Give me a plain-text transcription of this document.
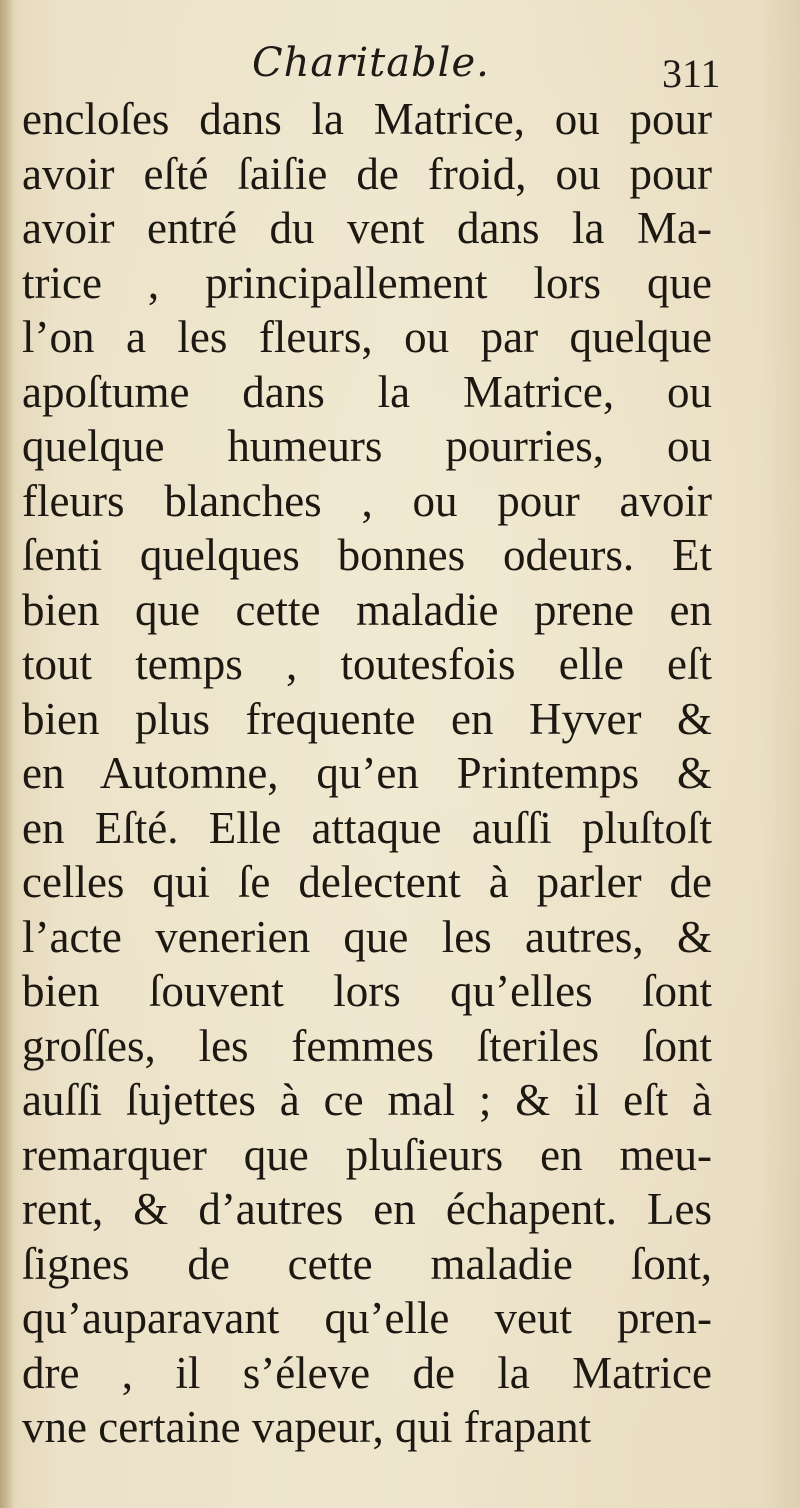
Charitable.	311
encloſes dans la Matrice, ou pour
avoir eſté ſaiſie de froid, ou pour
avoir entré du vent dans la Ma-
trice , principallement lors que
l’on a les fleurs, ou par quelque
apoſtume dans la Matrice, ou
quelque humeurs pourries, ou
fleurs blanches , ou pour avoir
ſenti quelques bonnes odeurs. Et
bien que cette maladie prene en
tout temps , toutesfois elle eſt
bien plus frequente en Hyver &
en Automne, qu’en Printemps &
en Eſté. Elle attaque auſſi pluſtoſt
celles qui ſe delectent à parler de
l’acte venerien que les autres, &
bien ſouvent lors qu’elles ſont
groſſes, les femmes ſteriles ſont
auſſi ſujettes à ce mal ; & il eſt à
remarquer que pluſieurs en meu-
rent, & d’autres en échapent. Les
ſignes de cette maladie ſont,
qu’auparavant qu’elle veut pren-
dre , il s’éleve de la Matrice
vne certaine vapeur, qui frapant
